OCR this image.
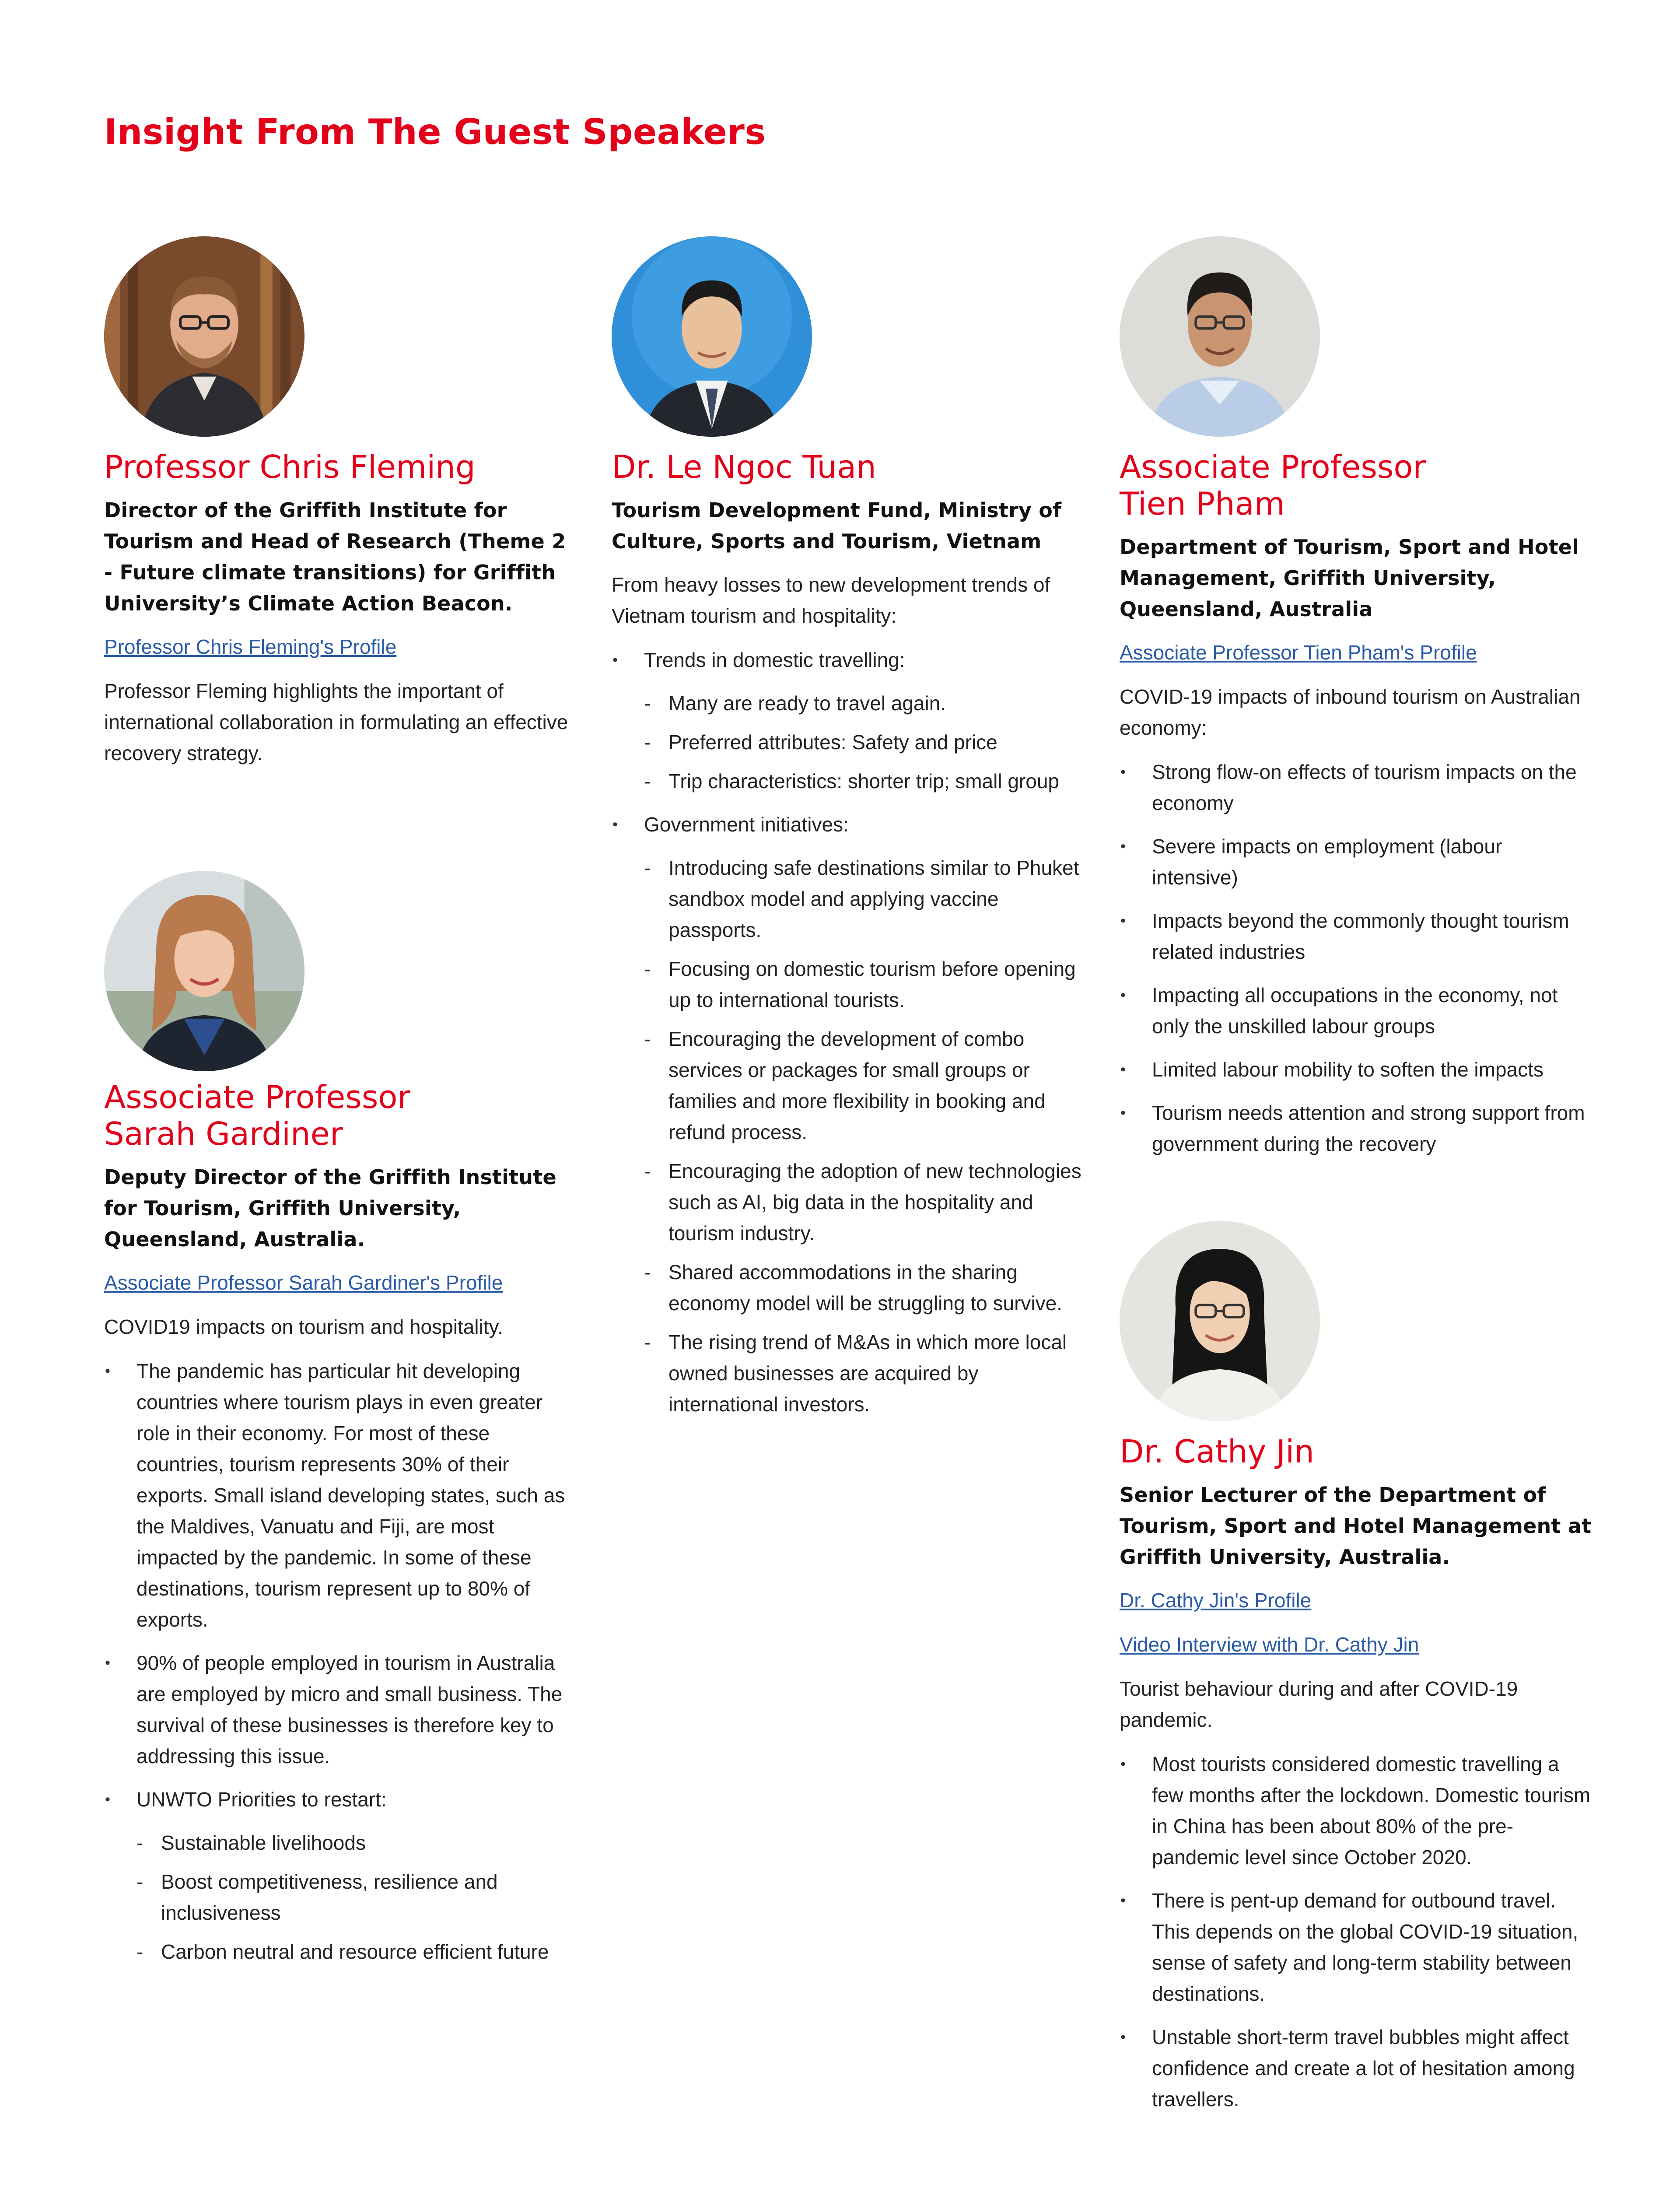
Insight From The Guest Speakers
Professor Chris Fleming

Director of the Griffith Institute for Tourism and Head of Research (Theme 2 - Future climate transitions) for Griffith University’s Climate Action Beacon.

Professor Chris Fleming's Profile

Professor Fleming highlights the important of international collaboration in formulating an effective recovery strategy.

Associate Professor
Sarah Gardiner

Deputy Director of the Griffith Institute for Tourism, Griffith University, Queensland, Australia.

Associate Professor Sarah Gardiner's Profile

COVID19 impacts on tourism and hospitality.

• The pandemic has particular hit developing countries where tourism plays in even greater role in their economy. For most of these countries, tourism represents 30% of their exports. Small island developing states, such as the Maldives, Vanuatu and Fiji, are most impacted by the pandemic. In some of these destinations, tourism represent up to 80% of exports.
• 90% of people employed in tourism in Australia are employed by micro and small business. The survival of these businesses is therefore key to addressing this issue.
• UNWTO Priorities to restart:
- Sustainable livelihoods
- Boost competitiveness, resilience and inclusiveness
- Carbon neutral and resource efficient future
Dr. Le Ngoc Tuan

Tourism Development Fund, Ministry of Culture, Sports and Tourism, Vietnam

From heavy losses to new development trends of Vietnam tourism and hospitality:

• Trends in domestic travelling:
- Many are ready to travel again.
- Preferred attributes: Safety and price
- Trip characteristics: shorter trip; small group
• Government initiatives:
- Introducing safe destinations similar to Phuket sandbox model and applying vaccine passports.
- Focusing on domestic tourism before opening up to international tourists.
- Encouraging the development of combo services or packages for small groups or families and more flexibility in booking and refund process.
- Encouraging the adoption of new technologies such as AI, big data in the hospitality and tourism industry.
- Shared accommodations in the sharing economy model will be struggling to survive.
- The rising trend of M&As in which more local owned businesses are acquired by international investors.
Associate Professor
Tien Pham

Department of Tourism, Sport and Hotel Management, Griffith University, Queensland, Australia

Associate Professor Tien Pham's Profile

COVID-19 impacts of inbound tourism on Australian economy:

• Strong flow-on effects of tourism impacts on the economy
• Severe impacts on employment (labour intensive)
• Impacts beyond the commonly thought tourism related industries
• Impacting all occupations in the economy, not only the unskilled labour groups
• Limited labour mobility to soften the impacts
• Tourism needs attention and strong support from government during the recovery
Dr. Cathy Jin

Senior Lecturer of the Department of Tourism, Sport and Hotel Management at Griffith University, Australia.

Dr. Cathy Jin's Profile
Video Interview with Dr. Cathy Jin

Tourist behaviour during and after COVID-19 pandemic.

• Most tourists considered domestic travelling a few months after the lockdown. Domestic tourism in China has been about 80% of the pre-pandemic level since October 2020.
• There is pent-up demand for outbound travel. This depends on the global COVID-19 situation, sense of safety and long-term stability between destinations.
• Unstable short-term travel bubbles might affect confidence and create a lot of hesitation among travellers.
